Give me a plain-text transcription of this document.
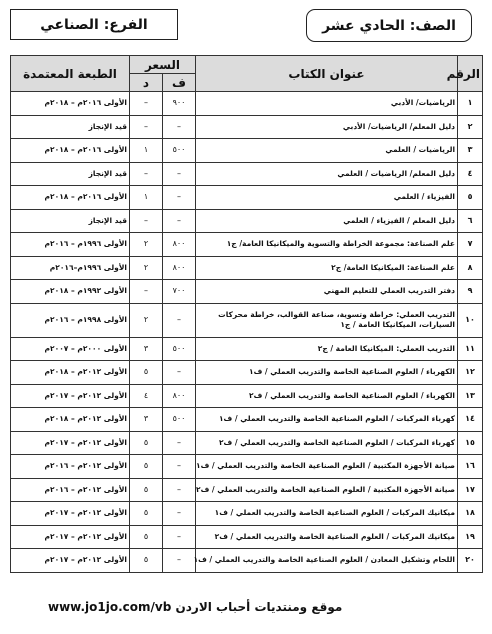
الصف: الحادي عشر
الفرع: الصناعي
الرقم	عنوان الكتاب	السعر		الطبعة المعتمدة
		ف	د	
١	الرياضيات/ الأدبي	٩٠٠	–	الأولى ٢٠١٦م – ٢٠١٨م
٢	دليل المعلم/ الرياضيات/ الأدبي	–	–	قيد الإنجاز
٣	الرياضيات / العلمي	٥٠٠	١	الأولى ٢٠١٦م – ٢٠١٨م
٤	دليل المعلم/ الرياضيات / العلمي	–	–	قيد الإنجاز
٥	الفيزياء / العلمي	–	١	الأولى ٢٠١٦م – ٢٠١٨م
٦	دليل المعلم / الفيزياء / العلمي	–	–	قيد الإنجاز
٧	علم الصناعة: مجموعة الخراطة والتسوية والميكانيكا العامة/ ج١	٨٠٠	٢	الأولى ١٩٩٦م – ٢٠١٦م
٨	علم الصناعة: الميكانيكا العامة/ ج٢	٨٠٠	٢	الأولى ١٩٩٦م–٢٠١٦م
٩	دفتر التدريب العملي للتعليم المهني	٧٠٠	–	الأولى ١٩٩٢م – ٢٠١٨م
١٠	التدريب العملي: خراطة وتسوية، صناعة القوالب، خراطة محركات السيارات، الميكانيكا العامة / ج١	–	٢	الأولى ١٩٩٨م – ٢٠١٦م
١١	التدريب العملي: الميكانيكا العامة / ج٢	٥٠٠	٣	الأولى ٢٠٠٠م – ٢٠٠٧م
١٢	الكهرباء / العلوم الصناعية الخاصة والتدريب العملي / ف١	–	٥	الأولى ٢٠١٢م – ٢٠١٨م
١٣	الكهرباء / العلوم الصناعية الخاصة والتدريب العملي / ف٢	٨٠٠	٤	الأولى ٢٠١٢م – ٢٠١٧م
١٤	كهرباء المركبات / العلوم الصناعية الخاصة والتدريب العملي / ف١	٥٠٠	٣	الأولى ٢٠١٢م – ٢٠١٨م
١٥	كهرباء المركبات / العلوم الصناعية الخاصة والتدريب العملي / ف٢	–	٥	الأولى ٢٠١٢م – ٢٠١٧م
١٦	صيانة الأجهزة المكتبية / العلوم الصناعية الخاصة والتدريب العملي / ف١	–	٥	الأولى ٢٠١٢م – ٢٠١٦م
١٧	صيانة الأجهزة المكتبية / العلوم الصناعية الخاصة والتدريب العملي / ف٢	–	٥	الأولى ٢٠١٢م – ٢٠١٦م
١٨	ميكانيك المركبات / العلوم الصناعية الخاصة والتدريب العملي / ف١	–	٥	الأولى ٢٠١٢م – ٢٠١٧م
١٩	ميكانيك المركبات / العلوم الصناعية الخاصة والتدريب العملي / ف٢	–	٥	الأولى ٢٠١٢م – ٢٠١٧م
٢٠	اللحام وتشكيل المعادن / العلوم الصناعية الخاصة والتدريب العملي / ف١	–	٥	الأولى ٢٠١٢م – ٢٠١٧م
www.jo1jo.com/vb موقع ومنتديات أحباب الاردن
